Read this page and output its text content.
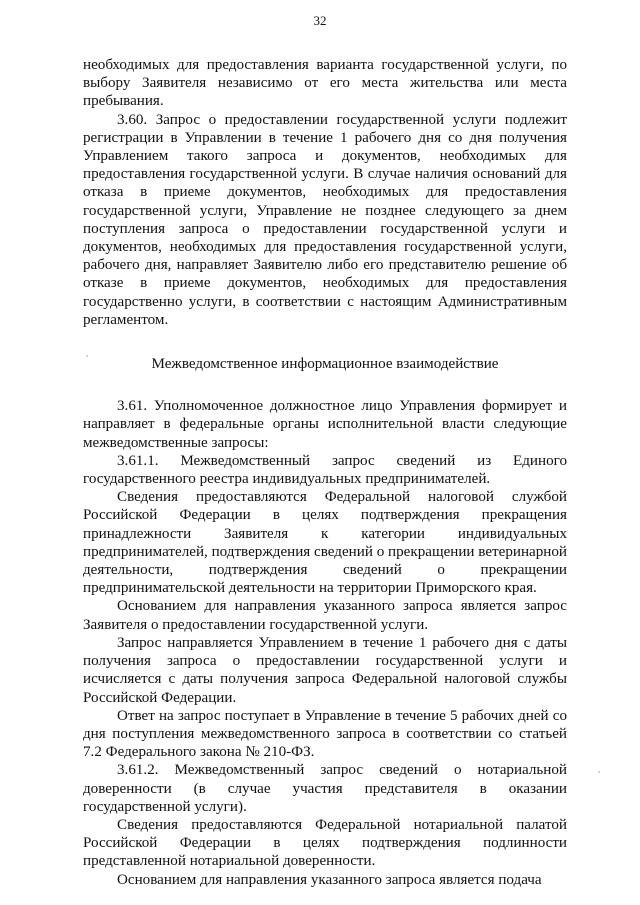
32

необходимых для предоставления варианта государственной услуги, по выбору Заявителя независимо от его места жительства или места пребывания.

3.60. Запрос о предоставлении государственной услуги подлежит регистрации в Управлении в течение 1 рабочего дня со дня получения Управлением такого запроса и документов, необходимых для предоставления государственной услуги. В случае наличия оснований для отказа в приеме документов, необходимых для предоставления государственной услуги, Управление не позднее следующего за днем поступления запроса о предоставлении государственной услуги и документов, необходимых для предоставления государственной услуги, рабочего дня, направляет Заявителю либо его представителю решение об отказе в приеме документов, необходимых для предоставления государственно услуги, в соответствии с настоящим Административным регламентом.

Межведомственное информационное взаимодействие

3.61. Уполномоченное должностное лицо Управления формирует и направляет в федеральные органы исполнительной власти следующие межведомственные запросы:

3.61.1. Межведомственный запрос сведений из Единого государственного реестра индивидуальных предпринимателей.

Сведения предоставляются Федеральной налоговой службой Российской Федерации в целях подтверждения прекращения принадлежности Заявителя к категории индивидуальных предпринимателей, подтверждения сведений о прекращении ветеринарной деятельности, подтверждения сведений о прекращении предпринимательской деятельности на территории Приморского края.

Основанием для направления указанного запроса является запрос Заявителя о предоставлении государственной услуги.

Запрос направляется Управлением в течение 1 рабочего дня с даты получения запроса о предоставлении государственной услуги и исчисляется с даты получения запроса Федеральной налоговой службы Российской Федерации.

Ответ на запрос поступает в Управление в течение 5 рабочих дней со дня поступления межведомственного запроса в соответствии со статьей 7.2 Федерального закона № 210-ФЗ.

3.61.2. Межведомственный запрос сведений о нотариальной доверенности (в случае участия представителя в оказании государственной услуги).

Сведения предоставляются Федеральной нотариальной палатой Российской Федерации в целях подтверждения подлинности представленной нотариальной доверенности.

Основанием для направления указанного запроса является подача
